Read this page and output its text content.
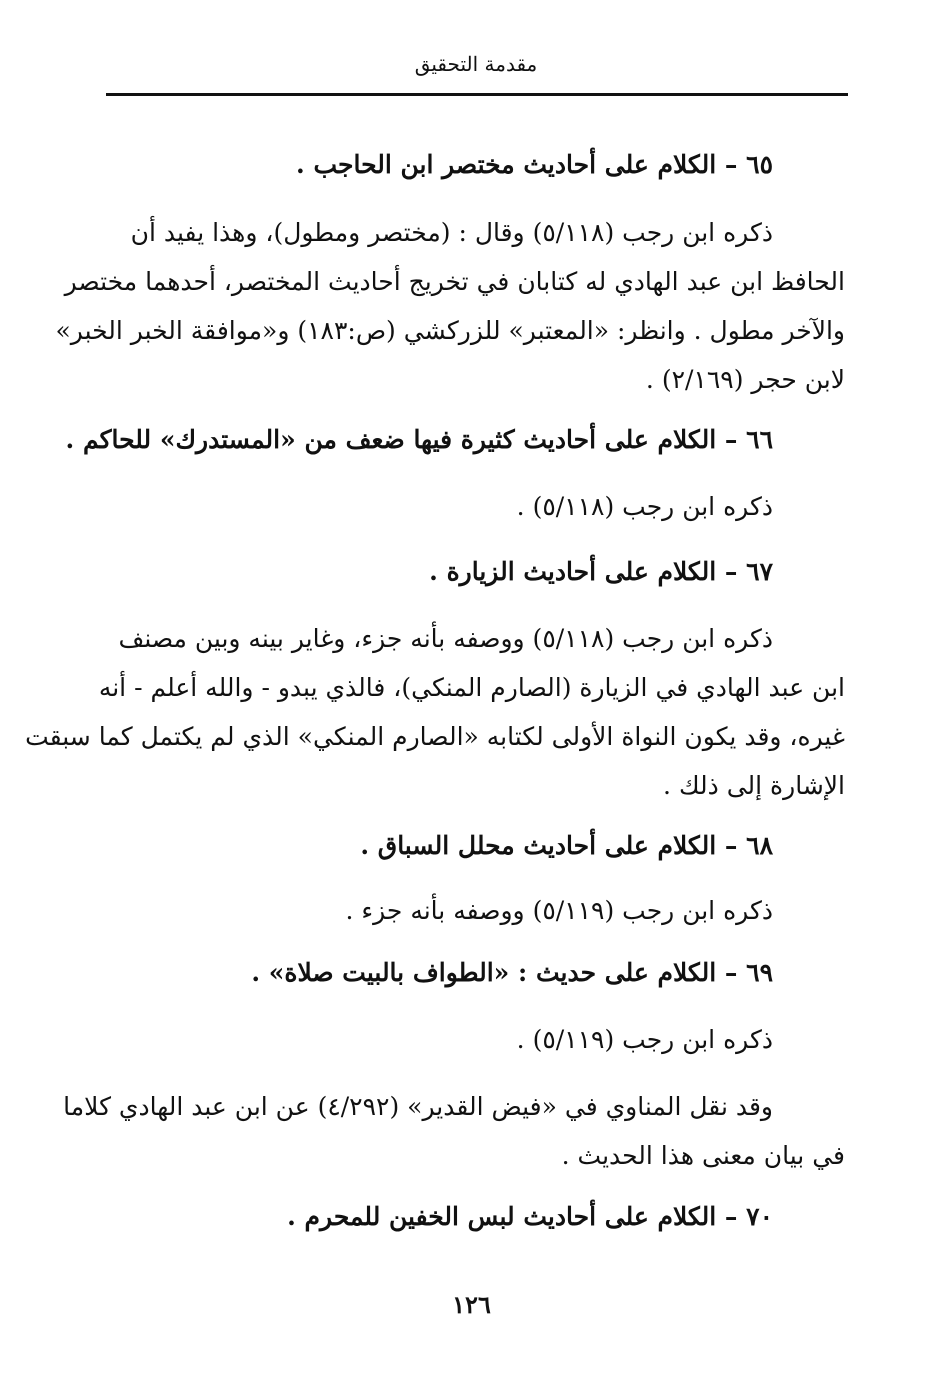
مقدمة التحقيق
٦٥ – الكلام على أحاديث مختصر ابن الحاجب .
ذكره ابن رجب (٥/١١٨) وقال : (مختصر ومطول)، وهذا يفيد أن
الحافظ ابن عبد الهادي له كتابان في تخريج أحاديث المختصر، أحدهما مختصر
والآخر مطول . وانظر: «المعتبر» للزركشي (ص:١٨٣) و«موافقة الخبر الخبر»
لابن حجر (٢/١٦٩) .
٦٦ – الكلام على أحاديث كثيرة فيها ضعف من «المستدرك» للحاكم .
ذكره ابن رجب (٥/١١٨) .
٦٧ – الكلام على أحاديث الزيارة .
ذكره ابن رجب (٥/١١٨) ووصفه بأنه جزء، وغاير بينه وبين مصنف
ابن عبد الهادي في الزيارة (الصارم المنكي)، فالذي يبدو - والله أعلم - أنه
غيره، وقد يكون النواة الأولى لكتابه «الصارم المنكي» الذي لم يكتمل كما سبقت
الإشارة إلى ذلك .
٦٨ – الكلام على أحاديث محلل السباق .
ذكره ابن رجب (٥/١١٩) ووصفه بأنه جزء .
٦٩ – الكلام على حديث : «الطواف بالبيت صلاة» .
ذكره ابن رجب (٥/١١٩) .
وقد نقل المناوي في «فيض القدير» (٤/٢٩٢) عن ابن عبد الهادي كلاما
في بيان معنى هذا الحديث .
٧٠ – الكلام على أحاديث لبس الخفين للمحرم .
١٢٦
